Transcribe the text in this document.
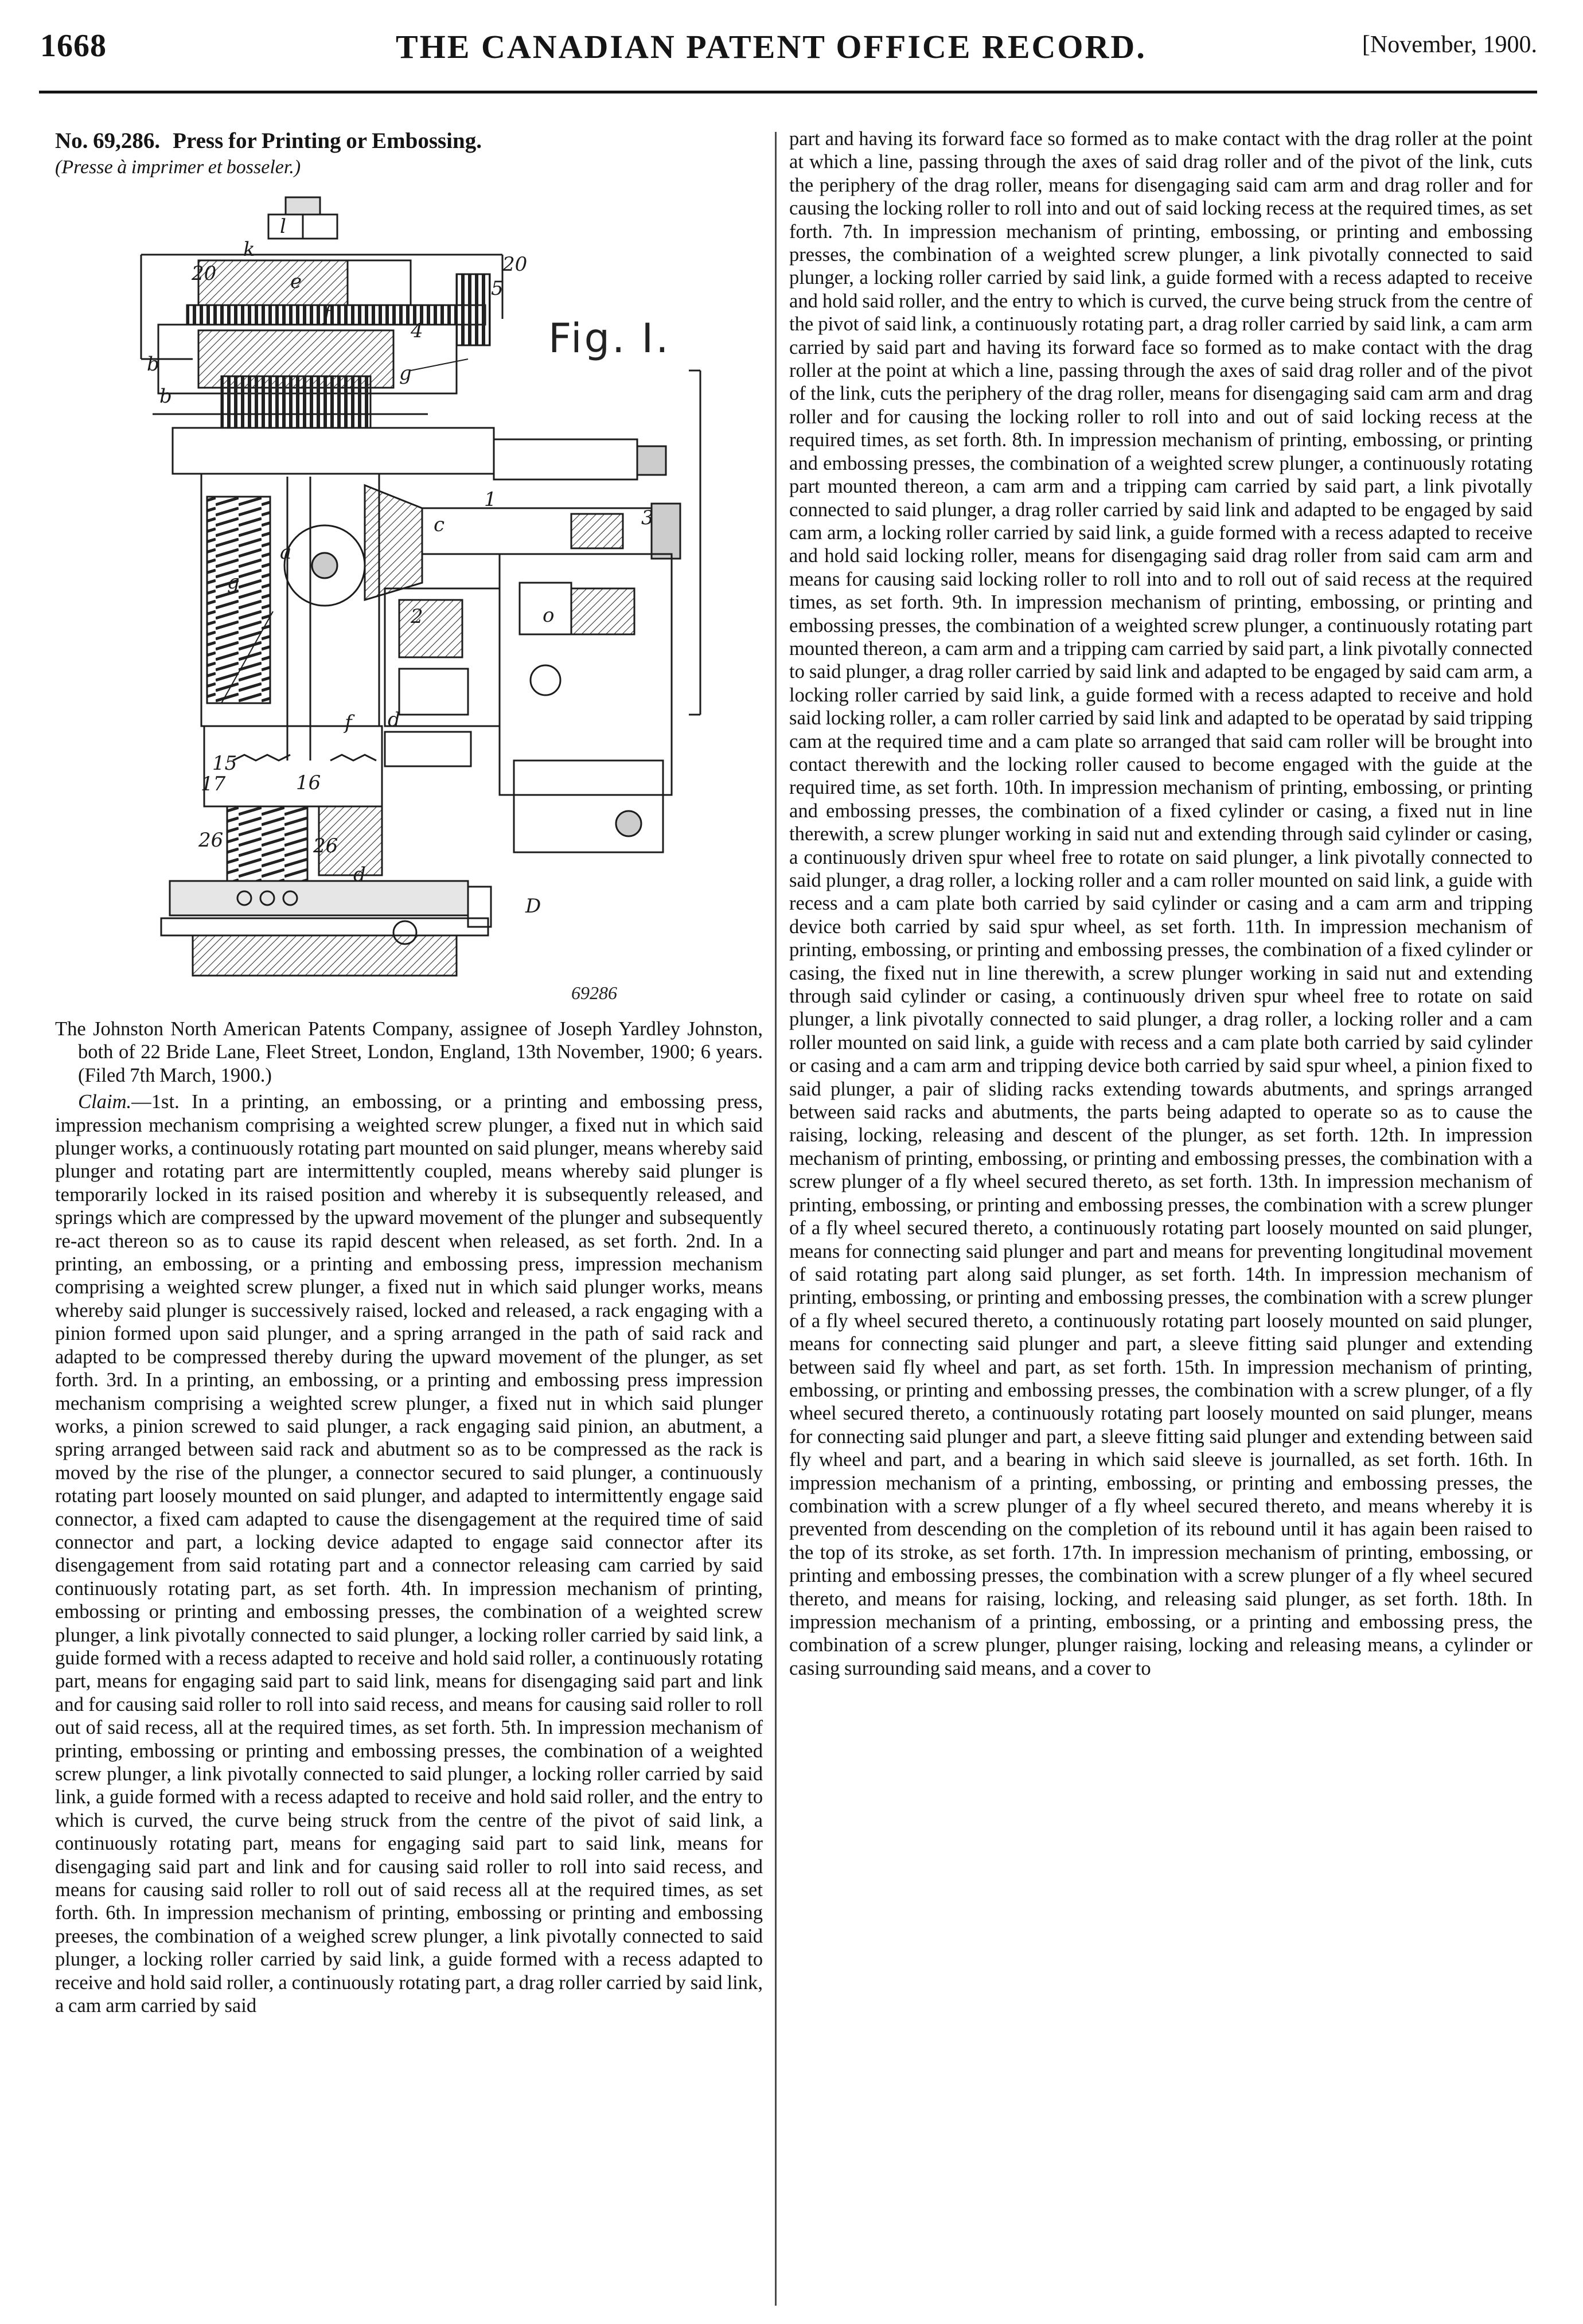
1668	THE CANADIAN PATENT OFFICE RECORD.	[November, 1900.

No. 69,286. Press for Printing or Embossing.

(Presse à imprimer et bosseler.)

l
k
20	20
5
e
f
4
b
b
g
a
g
c
1
2
3
o
d
f
15
17	16
26	26
d
D
Fig. I.
69286

The Johnston North American Patents Company, assignee of Joseph Yardley Johnston, both of 22 Bride Lane, Fleet Street, London, England, 13th November, 1900; 6 years. (Filed 7th March, 1900.)

Claim.—1st. In a printing, an embossing, or a printing and embossing press, impression mechanism comprising a weighted screw plunger, a fixed nut in which said plunger works, a continuously rotating part mounted on said plunger, means whereby said plunger and rotating part are intermittently coupled, means whereby said plunger is temporarily locked in its raised position and whereby it is subsequently released, and springs which are compressed by the upward movement of the plunger and subsequently re-act thereon so as to cause its rapid descent when released, as set forth. 2nd. In a printing, an embossing, or a printing and embossing press, impression mechanism comprising a weighted screw plunger, a fixed nut in which said plunger works, means whereby said plunger is successively raised, locked and released, a rack engaging with a pinion formed upon said plunger, and a spring arranged in the path of said rack and adapted to be compressed thereby during the upward movement of the plunger, as set forth. 3rd. In a printing, an embossing, or a printing and embossing press impression mechanism comprising a weighted screw plunger, a fixed nut in which said plunger works, a pinion screwed to said plunger, a rack engaging said pinion, an abutment, a spring arranged between said rack and abutment so as to be compressed as the rack is moved by the rise of the plunger, a connector secured to said plunger, a continuously rotating part loosely mounted on said plunger, and adapted to intermittently engage said connector, a fixed cam adapted to cause the disengagement at the required time of said connector and part, a locking device adapted to engage said connector after its disengagement from said rotating part and a connector releasing cam carried by said continuously rotating part, as set forth. 4th. In impression mechanism of printing, embossing or printing and embossing presses, the combination of a weighted screw plunger, a link pivotally connected to said plunger, a locking roller carried by said link, a guide formed with a recess adapted to receive and hold said roller, a continuously rotating part, means for engaging said part to said link, means for disengaging said part and link and for causing said roller to roll into said recess, and means for causing said roller to roll out of said recess, all at the required times, as set forth. 5th. In impression mechanism of printing, embossing or printing and embossing presses, the combination of a weighted screw plunger, a link pivotally connected to said plunger, a locking roller carried by said link, a guide formed with a recess adapted to receive and hold said roller, and the entry to which is curved, the curve being struck from the centre of the pivot of said link, a continuously rotating part, means for engaging said part to said link, means for disengaging said part and link and for causing said roller to roll into said recess, and means for causing said roller to roll out of said recess all at the required times, as set forth. 6th. In impression mechanism of printing, embossing or printing and embossing preeses, the combination of a weighed screw plunger, a link pivotally connected to said plunger, a locking roller carried by said link, a guide formed with a recess adapted to receive and hold said roller, a continuously rotating part, a drag roller carried by said link, a cam arm carried by said

part and having its forward face so formed as to make contact with the drag roller at the point at which a line, passing through the axes of said drag roller and of the pivot of the link, cuts the periphery of the drag roller, means for disengaging said cam arm and drag roller and for causing the locking roller to roll into and out of said locking recess at the required times, as set forth. 7th. In impression mechanism of printing, embossing, or printing and embossing presses, the combination of a weighted screw plunger, a link pivotally connected to said plunger, a locking roller carried by said link, a guide formed with a recess adapted to receive and hold said roller, and the entry to which is curved, the curve being struck from the centre of the pivot of said link, a continuously rotating part, a drag roller carried by said link, a cam arm carried by said part and having its forward face so formed as to make contact with the drag roller at the point at which a line, passing through the axes of said drag roller and of the pivot of the link, cuts the periphery of the drag roller, means for disengaging said cam arm and drag roller and for causing the locking roller to roll into and out of said locking recess at the required times, as set forth. 8th. In impression mechanism of printing, embossing, or printing and embossing presses, the combination of a weighted screw plunger, a continuously rotating part mounted thereon, a cam arm and a tripping cam carried by said part, a link pivotally connected to said plunger, a drag roller carried by said link and adapted to be engaged by said cam arm, a locking roller carried by said link, a guide formed with a recess adapted to receive and hold said locking roller, means for disengaging said drag roller from said cam arm and means for causing said locking roller to roll into and to roll out of said recess at the required times, as set forth. 9th. In impression mechanism of printing, embossing, or printing and embossing presses, the combination of a weighted screw plunger, a continuously rotating part mounted thereon, a cam arm and a tripping cam carried by said part, a link pivotally connected to said plunger, a drag roller carried by said link and adapted to be engaged by said cam arm, a locking roller carried by said link, a guide formed with a recess adapted to receive and hold said locking roller, a cam roller carried by said link and adapted to be operatad by said tripping cam at the required time and a cam plate so arranged that said cam roller will be brought into contact therewith and the locking roller caused to become engaged with the guide at the required time, as set forth. 10th. In impression mechanism of printing, embossing, or printing and embossing presses, the combination of a fixed cylinder or casing, a fixed nut in line therewith, a screw plunger working in said nut and extending through said cylinder or casing, a continuously driven spur wheel free to rotate on said plunger, a link pivotally connected to said plunger, a drag roller, a locking roller and a cam roller mounted on said link, a guide with recess and a cam plate both carried by said cylinder or casing and a cam arm and tripping device both carried by said spur wheel, as set forth. 11th. In impression mechanism of printing, embossing, or printing and embossing presses, the combination of a fixed cylinder or casing, the fixed nut in line therewith, a screw plunger working in said nut and extending through said cylinder or casing, a continuously driven spur wheel free to rotate on said plunger, a link pivotally connected to said plunger, a drag roller, a locking roller and a cam roller mounted on said link, a guide with recess and a cam plate both carried by said cylinder or casing and a cam arm and tripping device both carried by said spur wheel, a pinion fixed to said plunger, a pair of sliding racks extending towards abutments, and springs arranged between said racks and abutments, the parts being adapted to operate so as to cause the raising, locking, releasing and descent of the plunger, as set forth. 12th. In impression mechanism of printing, embossing, or printing and embossing presses, the combination with a screw plunger of a fly wheel secured thereto, as set forth. 13th. In impression mechanism of printing, embossing, or printing and embossing presses, the combination with a screw plunger of a fly wheel secured thereto, a continuously rotating part loosely mounted on said plunger, means for connecting said plunger and part and means for preventing longitudinal movement of said rotating part along said plunger, as set forth. 14th. In impression mechanism of printing, embossing, or printing and embossing presses, the combination with a screw plunger of a fly wheel secured thereto, a continuously rotating part loosely mounted on said plunger, means for connecting said plunger and part, a sleeve fitting said plunger and extending between said fly wheel and part, as set forth. 15th. In impression mechanism of printing, embossing, or printing and embossing presses, the combination with a screw plunger, of a fly wheel secured thereto, a continuously rotating part loosely mounted on said plunger, means for connecting said plunger and part, a sleeve fitting said plunger and extending between said fly wheel and part, and a bearing in which said sleeve is journalled, as set forth. 16th. In impression mechanism of a printing, embossing, or printing and embossing presses, the combination with a screw plunger of a fly wheel secured thereto, and means whereby it is prevented from descending on the completion of its rebound until it has again been raised to the top of its stroke, as set forth. 17th. In impression mechanism of printing, embossing, or printing and embossing presses, the combination with a screw plunger of a fly wheel secured thereto, and means for raising, locking, and releasing said plunger, as set forth. 18th. In impression mechanism of a printing, embossing, or a printing and embossing press, the combination of a screw plunger, plunger raising, locking and releasing means, a cylinder or casing surrounding said means, and a cover to
